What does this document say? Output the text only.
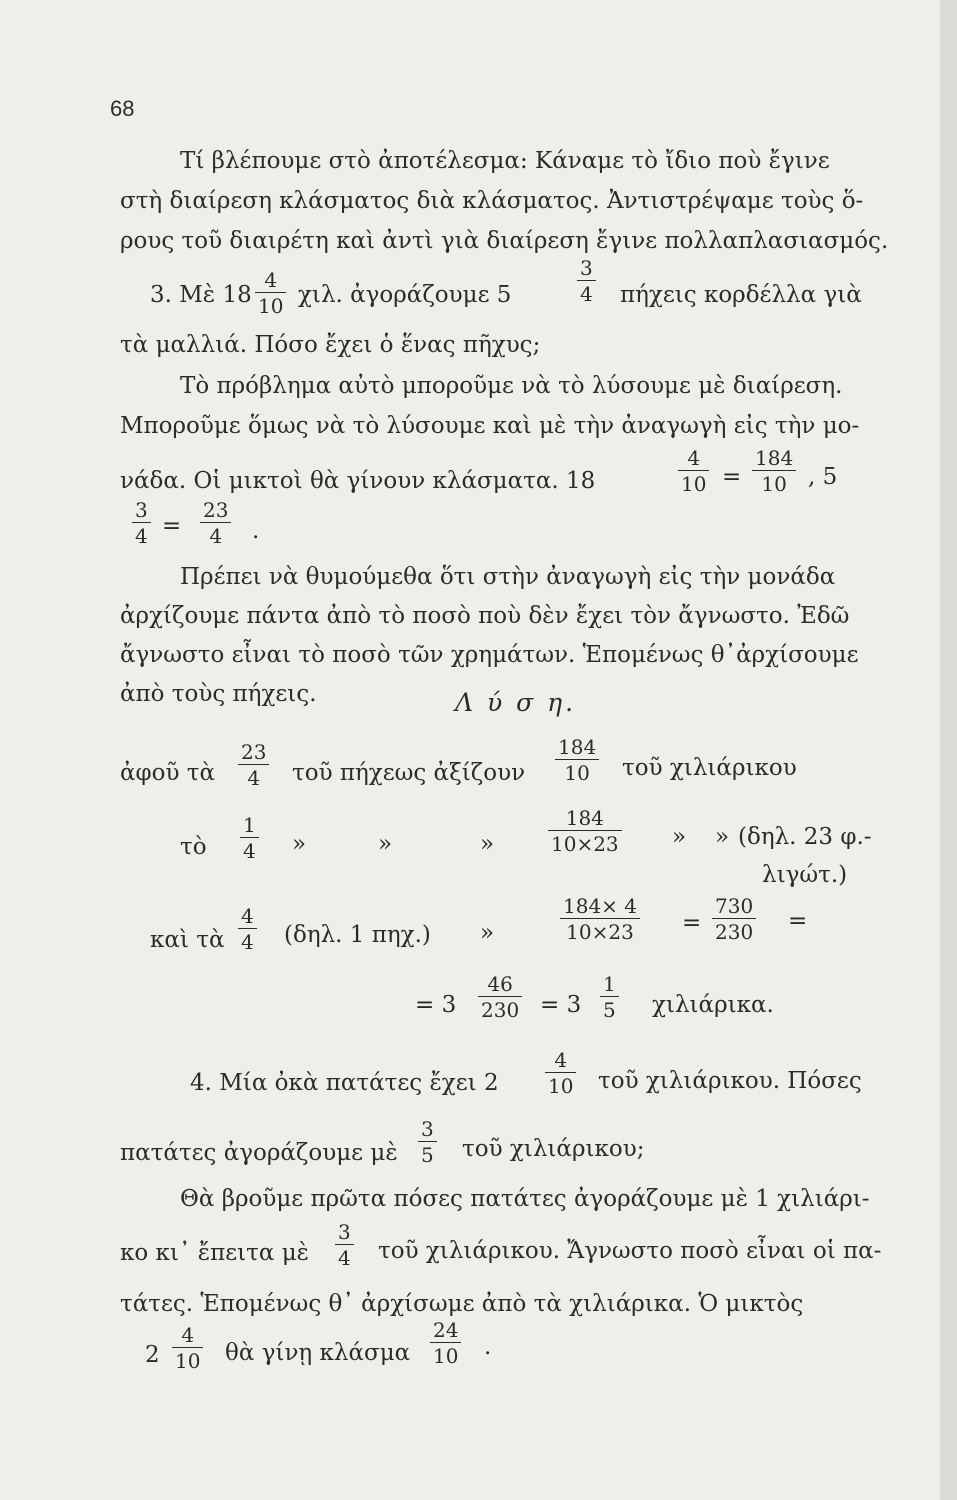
68
Τί βλέπουμε στὸ ἀποτέλεσμα: Κάναμε τὸ ἴδιο ποὺ ἔγινε
στὴ διαίρεση κλάσματος διὰ κλάσματος. Ἀντιστρέψαμε τοὺς ὅ-
ρους τοῦ διαιρέτη καὶ ἀντὶ γιὰ διαίρεση ἔγινε πολλαπλασιασμός.
3. Μὲ 18
4
10 χιλ. ἀγοράζουμε 5
3
4 πήχεις κορδέλλα γιὰ
τὰ μαλλιά. Πόσο ἔχει ὁ ἕνας πῆχυς;
Τὸ πρόβλημα αὐτὸ μποροῦμε νὰ τὸ λύσουμε μὲ διαίρεση.
Μποροῦμε ὅμως νὰ τὸ λύσουμε καὶ μὲ τὴν ἀναγωγὴ εἰς τὴν μο-
νάδα. Οἱ μικτοὶ θὰ γίνουν κλάσματα. 18
4
10 =
184
10 , 5
3
4 =
23
4 .
Πρέπει νὰ θυμούμεθα ὅτι στὴν ἀναγωγὴ εἰς τὴν μονάδα
ἀρχίζουμε πάντα ἀπὸ τὸ ποσὸ ποὺ δὲν ἔχει τὸν ἄγνωστο. Ἐδῶ
ἄγνωστο εἶναι τὸ ποσὸ τῶν χρημάτων. Ἑπομένως θ᾽ἀρχίσουμε
ἀπὸ τοὺς πήχεις.	Λ ύ σ η.
ἀφοῦ τὰ
23
4 τοῦ πήχεως ἀξίζουν
184
10 τοῦ χιλιάρικου
τὸ
1
4 »	»	»
184
10×23 » » (δηλ. 23 φ.-
λιγώτ.)
καὶ τὰ
4
4 (δηλ. 1 πηχ.) »
184× 4
10×23 =
730
230 =
= 3
46
230 = 3
1
5 χιλιάρικα.
4. Μία ὀκὰ πατάτες ἔχει 2
4
10 τοῦ χιλιάρικου. Πόσες
πατάτες ἀγοράζουμε μὲ
3
5 τοῦ χιλιάρικου;
Θὰ βροῦμε πρῶτα πόσες πατάτες ἀγοράζουμε μὲ 1 χιλιάρι-
κο κι᾽ ἔπειτα μὲ
3
4 τοῦ χιλιάρικου. Ἄγνωστο ποσὸ εἶναι οἱ πα-
τάτες. Ἑπομένως θ᾽ ἀρχίσωμε ἀπὸ τὰ χιλιάρικα. Ὁ μικτὸς
2
4
10 θὰ γίνῃ κλάσμα
24
10 .
